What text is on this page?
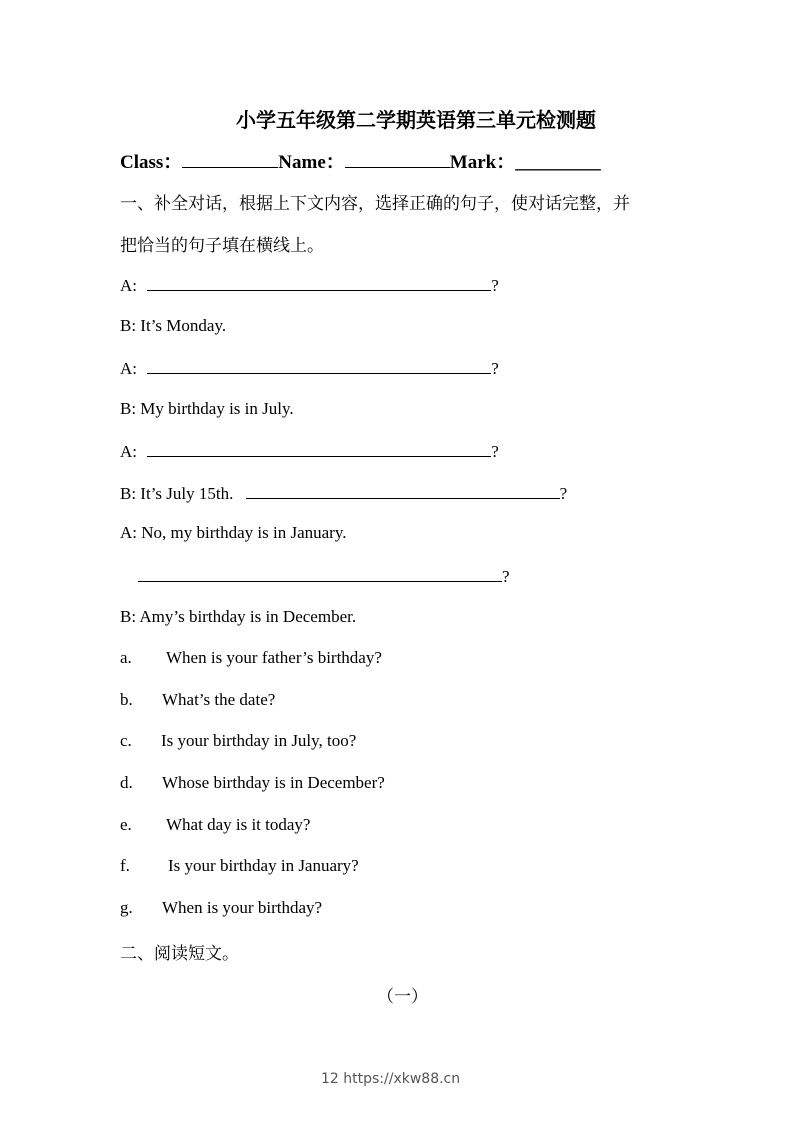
小学五年级第二学期英语第三单元检测题
Class：	Name：	Mark：_________
一、补全对话，根据上下文内容，选择正确的句子，使对话完整，并
把恰当的句子填在横线上。
A:	?
B: It’s Monday.
A:	?
B: My birthday is in July.
A:	?
B: It’s July 15th.	?
A: No, my birthday is in January.
?
B: Amy’s birthday is in December.
a. When is your father’s birthday?
b. What’s the date?
c. Is your birthday in July, too?
d. Whose birthday is in December?
e. What day is it today?
f. Is your birthday in January?
g. When is your birthday?
二、阅读短文。
（一）
12 https://xkw88.cn
